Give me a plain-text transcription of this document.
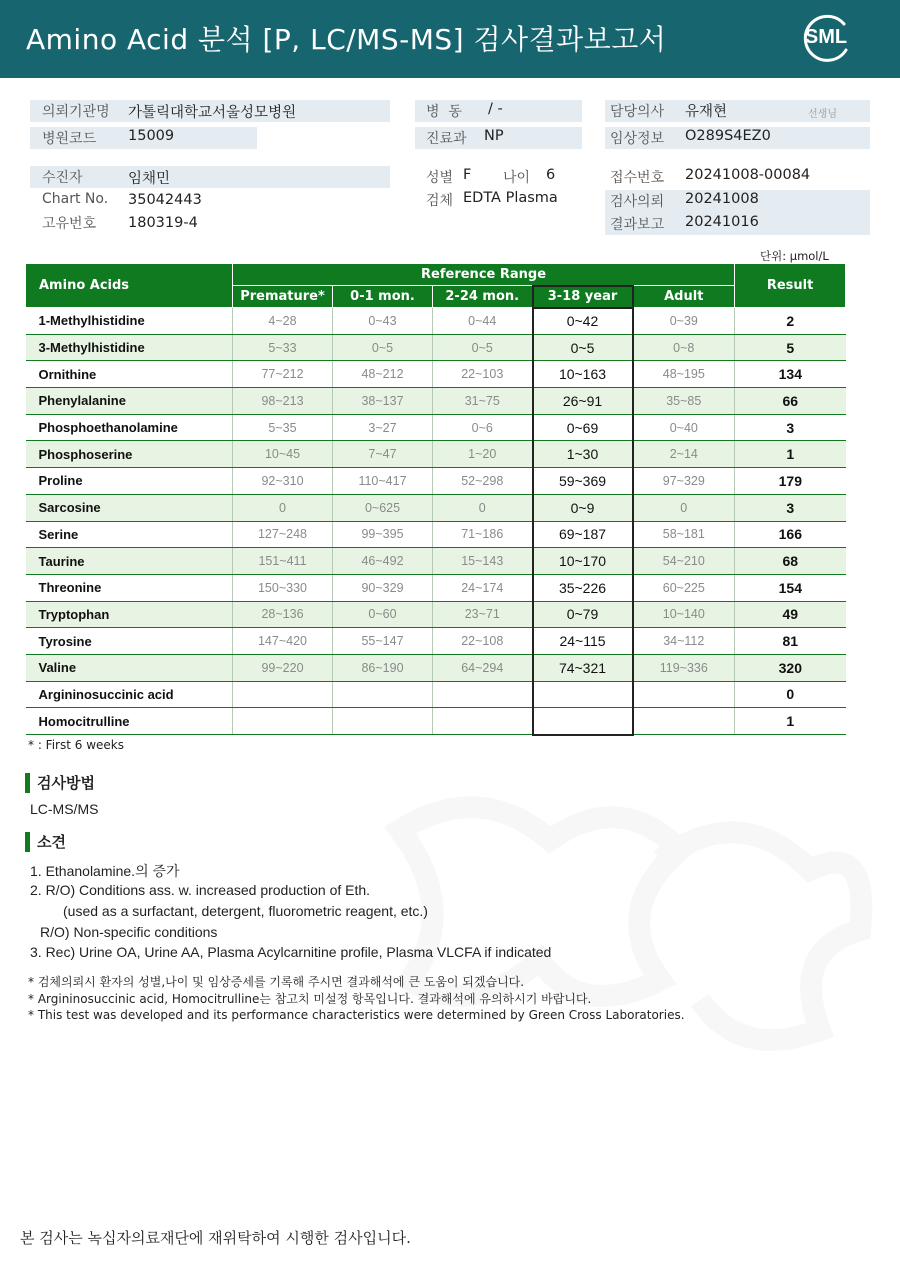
Amino Acid 분석 [P, LC/MS-MS] 검사결과보고서	SML
의뢰기관명 가톨릭대학교서울성모병원
병원코드 15009
병  동 / -
진료과 NP
담당의사 유재현	선생님
임상정보 O289S4EZ0
수진자	임채민
Chart No. 35042443
고유번호 180319-4
성별 F 나이 6
검체 EDTA Plasma
접수번호 20241008-00084
검사의뢰 20241008
결과보고 20241016
단위: µmol/L
Amino Acids	Reference Range					Result
	Premature*	0-1 mon.	2-24 mon.	3-18 year	Adult	
1-Methylhistidine	4~28	0~43	0~44	0~42	0~39	2
3-Methylhistidine	5~33	0~5	0~5	0~5	0~8	5
Ornithine	77~212	48~212	22~103	10~163	48~195	134
Phenylalanine	98~213	38~137	31~75	26~91	35~85	66
Phosphoethanolamine	5~35	3~27	0~6	0~69	0~40	3
Phosphoserine	10~45	7~47	1~20	1~30	2~14	1
Proline	92~310	110~417	52~298	59~369	97~329	179
Sarcosine	0	0~625	0	0~9	0	3
Serine	127~248	99~395	71~186	69~187	58~181	166
Taurine	151~411	46~492	15~143	10~170	54~210	68
Threonine	150~330	90~329	24~174	35~226	60~225	154
Tryptophan	28~136	0~60	23~71	0~79	10~140	49
Tyrosine	147~420	55~147	22~108	24~115	34~112	81
Valine	99~220	86~190	64~294	74~321	119~336	320
Argininosuccinic acid						0
Homocitrulline						1
* : First 6 weeks
검사방법
LC-MS/MS
소견
1. Ethanolamine.의 증가
2. R/O) Conditions ass. w. increased production of Eth.
(used as a surfactant, detergent, fluorometric reagent, etc.)
R/O) Non-specific conditions
3. Rec) Urine OA, Urine AA, Plasma Acylcarnitine profile, Plasma VLCFA if indicated
* 검체의뢰시 환자의 성별,나이 및 임상증세를 기록해 주시면 결과해석에 큰 도움이 되겠습니다.
* Argininosuccinic acid, Homocitrulline는 참고치 미설정 항목입니다. 결과해석에 유의하시기 바랍니다.
* This test was developed and its performance characteristics were determined by Green Cross Laboratories.
본 검사는 녹십자의료재단에 재위탁하여 시행한 검사입니다.
